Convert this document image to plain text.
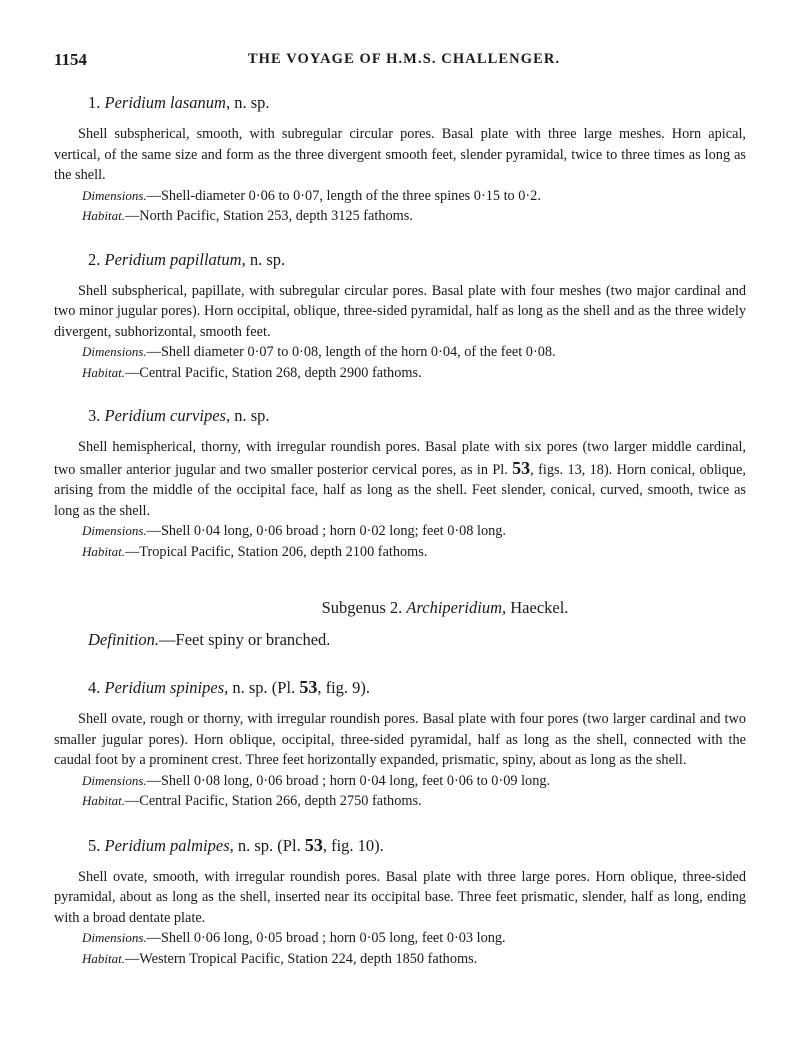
1154	THE VOYAGE OF H.M.S. CHALLENGER.
1. Peridium lasanum, n. sp.

Shell subspherical, smooth, with subregular circular pores. Basal plate with three large meshes. Horn apical, vertical, of the same size and form as the three divergent smooth feet, slender pyramidal, twice to three times as long as the shell.

Dimensions.—Shell-diameter 0·06 to 0·07, length of the three spines 0·15 to 0·2.

Habitat.—North Pacific, Station 253, depth 3125 fathoms.

2. Peridium papillatum, n. sp.

Shell subspherical, papillate, with subregular circular pores. Basal plate with four meshes (two major cardinal and two minor jugular pores). Horn occipital, oblique, three-sided pyramidal, half as long as the shell and as the three widely divergent, subhorizontal, smooth feet.

Dimensions.—Shell diameter 0·07 to 0·08, length of the horn 0·04, of the feet 0·08.

Habitat.—Central Pacific, Station 268, depth 2900 fathoms.

3. Peridium curvipes, n. sp.

Shell hemispherical, thorny, with irregular roundish pores. Basal plate with six pores (two larger middle cardinal, two smaller anterior jugular and two smaller posterior cervical pores, as in Pl. 53, figs. 13, 18). Horn conical, oblique, arising from the middle of the occipital face, half as long as the shell. Feet slender, conical, curved, smooth, twice as long as the shell.

Dimensions.—Shell 0·04 long, 0·06 broad ; horn 0·02 long; feet 0·08 long.

Habitat.—Tropical Pacific, Station 206, depth 2100 fathoms.

Subgenus 2. Archiperidium, Haeckel.
Definition.—Feet spiny or branched.
4. Peridium spinipes, n. sp. (Pl. 53, fig. 9).

Shell ovate, rough or thorny, with irregular roundish pores. Basal plate with four pores (two larger cardinal and two smaller jugular pores). Horn oblique, occipital, three-sided pyramidal, half as long as the shell, connected with the caudal foot by a prominent crest. Three feet horizontally expanded, prismatic, spiny, about as long as the shell.

Dimensions.—Shell 0·08 long, 0·06 broad ; horn 0·04 long, feet 0·06 to 0·09 long.

Habitat.—Central Pacific, Station 266, depth 2750 fathoms.

5. Peridium palmipes, n. sp. (Pl. 53, fig. 10).

Shell ovate, smooth, with irregular roundish pores. Basal plate with three large pores. Horn oblique, three-sided pyramidal, about as long as the shell, inserted near its occipital base. Three feet prismatic, slender, half as long, ending with a broad dentate plate.

Dimensions.—Shell 0·06 long, 0·05 broad ; horn 0·05 long, feet 0·03 long.

Habitat.—Western Tropical Pacific, Station 224, depth 1850 fathoms.
